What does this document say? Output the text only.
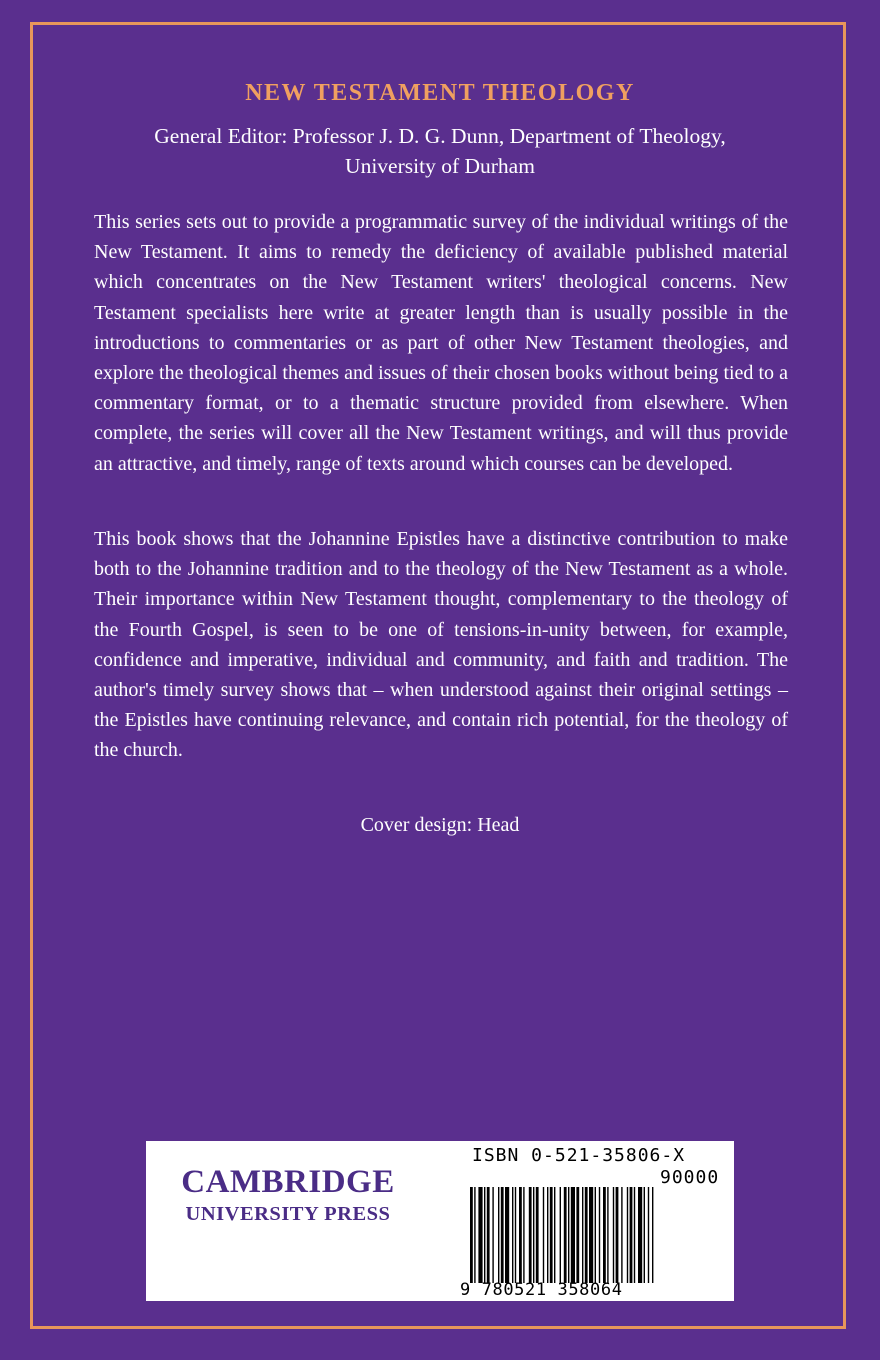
NEW TESTAMENT THEOLOGY

General Editor: Professor J. D. G. Dunn, Department of Theology,
University of Durham

This series sets out to provide a programmatic survey of the individual writings of the New Testament. It aims to remedy the deficiency of available published material which concentrates on the New Testament writers' theological concerns. New Testament specialists here write at greater length than is usually possible in the introductions to commentaries or as part of other New Testament theologies, and explore the theological themes and issues of their chosen books without being tied to a commentary format, or to a thematic structure provided from elsewhere. When complete, the series will cover all the New Testament writings, and will thus provide an attractive, and timely, range of texts around which courses can be developed.

This book shows that the Johannine Epistles have a distinctive contribution to make both to the Johannine tradition and to the theology of the New Testament as a whole. Their importance within New Testament thought, complementary to the theology of the Fourth Gospel, is seen to be one of tensions-in-unity between, for example, confidence and imperative, individual and community, and faith and tradition. The author's timely survey shows that – when understood against their original settings – the Epistles have continuing relevance, and contain rich potential, for the theology of the church.

Cover design: Head

CAMBRIDGE
UNIVERSITY PRESS

ISBN 0-521-35806-X

90000

9 780521 358064
